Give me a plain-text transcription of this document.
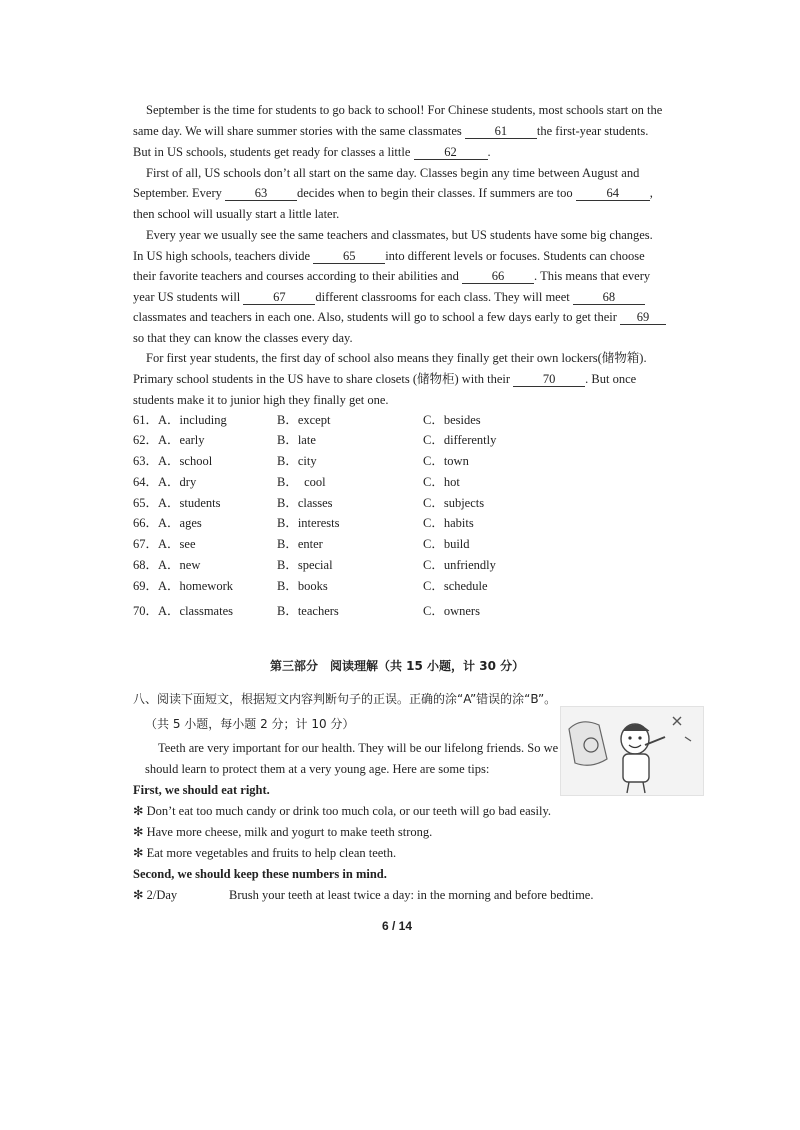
September is the time for students to go back to school! For Chinese students, most schools start on the
same day. We will share summer stories with the same classmates 61 the first-year students.
But in US schools, students get ready for classes a little 62 .
First of all, US schools don’t all start on the same day. Classes begin any time between August and
September. Every 63 decides when to begin their classes. If summers are too 64 ,
then school will usually start a little later.
Every year we usually see the same teachers and classmates, but US students have some big changes.
In US high schools, teachers divide 65 into different levels or focuses. Students can choose
their favorite teachers and courses according to their abilities and 66 . This means that every
year US students will 67 different classrooms for each class. They will meet 68
classmates and teachers in each one. Also, students will go to school a few days early to get their 69
so that they can know the classes every day.
For first year students, the first day of school also means they finally get their own lockers(储物箱).
Primary school students in the US have to share closets (储物柜) with their 70 . But once
students make it to junior high they finally get one.
61．A．including	B．except	C．besides
62．A．early	B．late	C．differently
63．A．school	B．city	C．town
64．A．dry	B．  cool	C．hot
65．A．students	B．classes	C．subjects
66．A．ages	B．interests	C．habits
67．A．see	B．enter	C．build
68．A．new	B．special	C．unfriendly
69．A．homework	B．books	C．schedule
70．A．classmates	B．teachers	C．owners
第三部分　阅读理解（共 15 小题，计 30 分）
八、阅读下面短文，根据短文内容判断句子的正误。正确的涂“A”错误的涂“B”。
（共 5 小题，每小题 2 分；计 10 分）
Teeth are very important for our health. They will be our lifelong friends. So we
should learn to protect them at a very young age. Here are some tips:
First, we should eat right.
✻ Don’t eat too much candy or drink too much cola, or our teeth will go bad easily.
✻ Have more cheese, milk and yogurt to make teeth strong.
✻ Eat more vegetables and fruits to help clean teeth.
Second, we should keep these numbers in mind.
✻ 2/Day	Brush your teeth at least twice a day: in the morning and before bedtime.
6 / 14
